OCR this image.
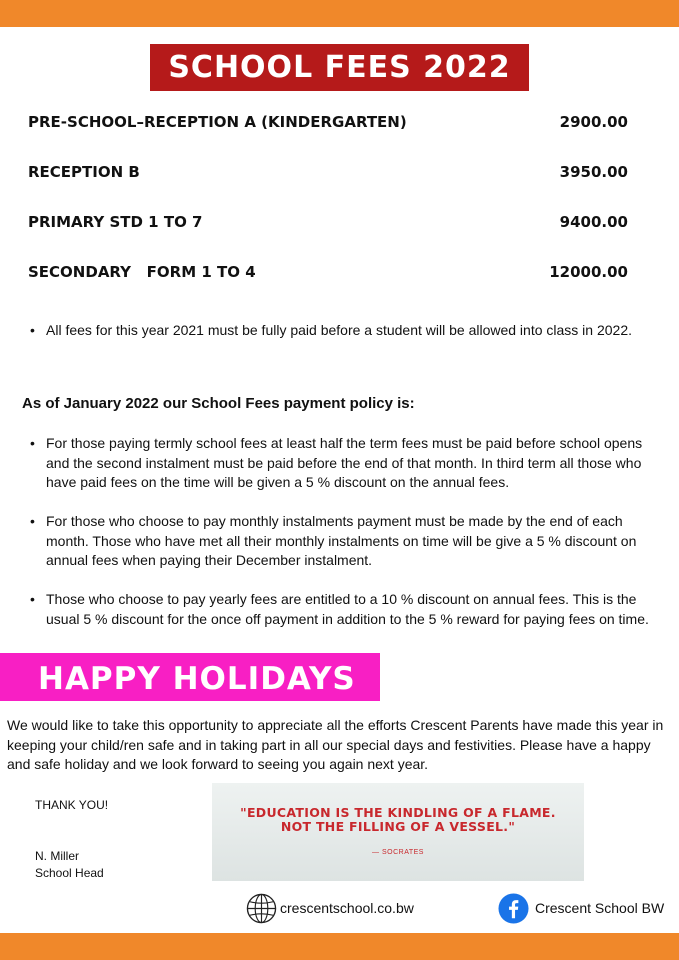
SCHOOL FEES 2022
PRE-SCHOOL–RECEPTION A (KINDERGARTEN)	2900.00
RECEPTION B	3950.00
PRIMARY STD 1 TO 7	9400.00
SECONDARY   FORM 1 TO 4	12000.00
• All fees for this year 2021 must be fully paid before a student will be allowed into class in 2022.
As of January 2022 our School Fees payment policy is:
• For those paying termly school fees at least half the term fees must be paid before school opens and the second instalment must be paid before the end of that month. In third term all those who have paid fees on the time will be given a 5 % discount on the annual fees.
• For those who choose to pay monthly instalments payment must be made by the end of each month. Those who have met all their monthly instalments on time will be give a 5 % discount on annual fees when paying their December instalment.
• Those who choose to pay yearly fees are entitled to a 10 % discount on annual fees. This is the usual 5 % discount for the once off payment in addition to the 5 % reward for paying fees on time.
HAPPY HOLIDAYS
We would like to take this opportunity to appreciate all the efforts Crescent Parents have made this year in keeping your child/ren safe and in taking part in all our special days and festivities. Please have a happy and safe holiday and we look forward to seeing you again next year.
THANK YOU!
N. Miller
School Head
"EDUCATION IS THE KINDLING OF A FLAME.
NOT THE FILLING OF A VESSEL."
— SOCRATES
crescentschool.co.bw	Crescent School BW
